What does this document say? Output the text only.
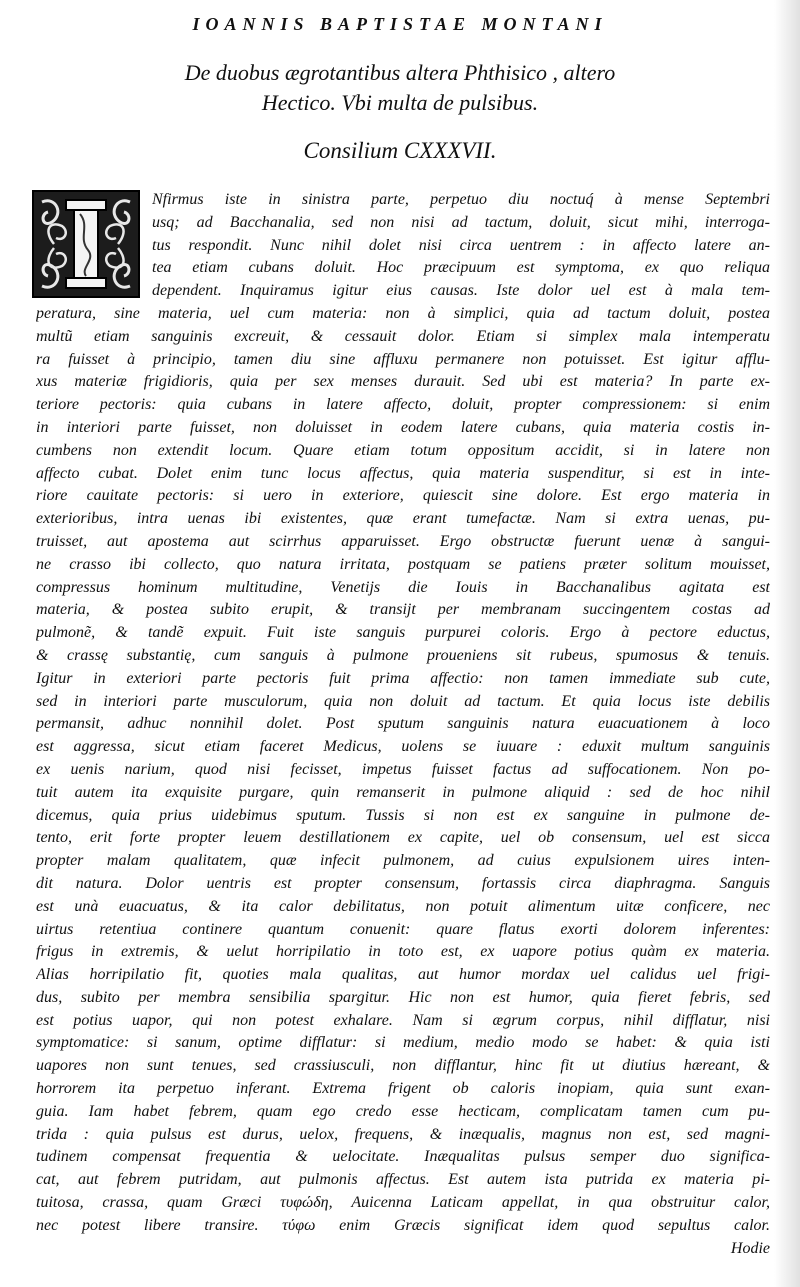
IOANNIS BAPTISTAE MONTANI
De duobus ægrotantibus altera Phthisico , altero
Hectico. Vbi multa de pulsibus.
Consilium CXXXVII.
Nfirmus iste in sinistra parte, perpetuo diu noctuq́ à mense Septembri
usq; ad Bacchanalia, sed non nisi ad tactum, doluit, sicut mihi, interroga-
tus respondit. Nunc nihil dolet nisi circa uentrem : in affecto latere an-
tea etiam cubans doluit. Hoc præcipuum est symptoma, ex quo reliqua
dependent. Inquiramus igitur eius causas. Iste dolor uel est à mala tem-
peratura, sine materia, uel cum materia: non à simplici, quia ad tactum doluit, postea
multũ etiam sanguinis excreuit, & cessauit dolor. Etiam si simplex mala intemperatu
ra fuisset à principio, tamen diu sine affluxu permanere non potuisset. Est igitur afflu-
xus materiæ frigidioris, quia per sex menses durauit. Sed ubi est materia? In parte ex-
teriore pectoris: quia cubans in latere affecto, doluit, propter compressionem: si enim
in interiori parte fuisset, non doluisset in eodem latere cubans, quia materia costis in-
cumbens non extendit locum. Quare etiam totum oppositum accidit, si in latere non
affecto cubat. Dolet enim tunc locus affectus, quia materia suspenditur, si est in inte-
riore cauitate pectoris: si uero in exteriore, quiescit sine dolore. Est ergo materia in
exterioribus, intra uenas ibi existentes, quæ erant tumefactæ. Nam si extra uenas, pu-
truisset, aut apostema aut scirrhus apparuisset. Ergo obstructæ fuerunt uenæ à sangui-
ne crasso ibi collecto, quo natura irritata, postquam se patiens præter solitum mouisset,
compressus hominum multitudine, Venetijs die Iouis in Bacchanalibus agitata est
materia, & postea subito erupit, & transijt per membranam succingentem costas ad
pulmonẽ, & tandẽ expuit. Fuit iste sanguis purpurei coloris. Ergo à pectore eductus,
& crassę substantię, cum sanguis à pulmone proueniens sit rubeus, spumosus & tenuis.
Igitur in exteriori parte pectoris fuit prima affectio: non tamen immediate sub cute,
sed in interiori parte musculorum, quia non doluit ad tactum. Et quia locus iste debilis
permansit, adhuc nonnihil dolet. Post sputum sanguinis natura euacuationem à loco
est aggressa, sicut etiam faceret Medicus, uolens se iuuare : eduxit multum sanguinis
ex uenis narium, quod nisi fecisset, impetus fuisset factus ad suffocationem. Non po-
tuit autem ita exquisite purgare, quin remanserit in pulmone aliquid : sed de hoc nihil
dicemus, quia prius uidebimus sputum. Tussis si non est ex sanguine in pulmone de-
tento, erit forte propter leuem destillationem ex capite, uel ob consensum, uel est sicca
propter malam qualitatem, quæ infecit pulmonem, ad cuius expulsionem uires inten-
dit natura. Dolor uentris est propter consensum, fortassis circa diaphragma. Sanguis
est unà euacuatus, & ita calor debilitatus, non potuit alimentum uitæ conficere, nec
uirtus retentiua continere quantum conuenit: quare flatus exorti dolorem inferentes:
frigus in extremis, & uelut horripilatio in toto est, ex uapore potius quàm ex materia.
Alias horripilatio fit, quoties mala qualitas, aut humor mordax uel calidus uel frigi-
dus, subito per membra sensibilia spargitur. Hic non est humor, quia fieret febris, sed
est potius uapor, qui non potest exhalare. Nam si ægrum corpus, nihil difflatur, nisi
symptomatice: si sanum, optime difflatur: si medium, medio modo se habet: & quia isti
uapores non sunt tenues, sed crassiusculi, non difflantur, hinc fit ut diutius hæreant, &
horrorem ita perpetuo inferant. Extrema frigent ob caloris inopiam, quia sunt exan-
guia. Iam habet febrem, quam ego credo esse hecticam, complicatam tamen cum pu-
trida : quia pulsus est durus, uelox, frequens, & inæqualis, magnus non est, sed magni-
tudinem compensat frequentia & uelocitate. Inæqualitas pulsus semper duo significa-
cat, aut febrem putridam, aut pulmonis affectus. Est autem ista putrida ex materia pi-
tuitosa, crassa, quam Græci τυφώδη, Auicenna Laticam appellat, in qua obstruitur calor,
nec potest libere transire. τύφω enim Græcis significat idem quod sepultus calor.
Hodie
